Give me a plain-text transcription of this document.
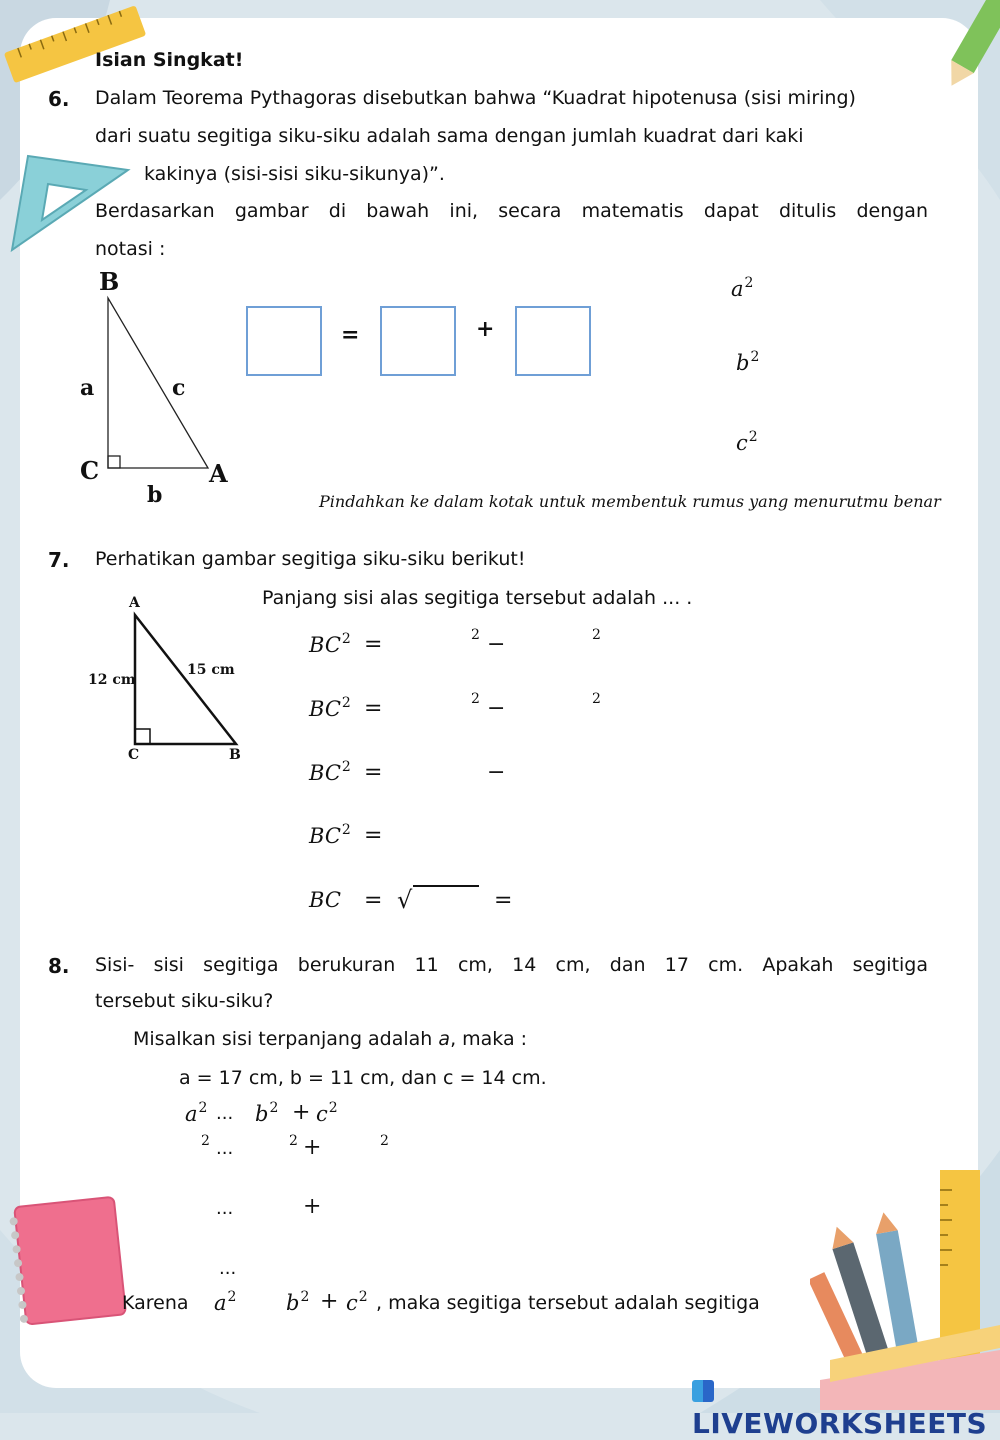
Isian Singkat!
6. Dalam Teorema Pythagoras disebutkan bahwa “Kuadrat hipotenusa (sisi miring)
dari suatu segitiga siku-siku adalah sama dengan jumlah kuadrat dari kaki
kakinya (sisi-sisi siku-sikunya)”.
Berdasarkan gambar di bawah ini, secara matematis dapat ditulis dengan
notasi :
B
a	c
C	A
b
=	+
$a^2$
$b^2$
$c^2$
Pindahkan ke dalam kotak untuk membentuk rumus yang menurutmu benar
7. Perhatikan gambar segitiga siku-siku berikut!
Panjang sisi alas segitiga tersebut adalah ... .
A
12 cm
15 cm
C	B
$BC^2$ =	2 −	2
$BC^2$ =	2 −	2
$BC^2$ =	−
$BC^2$ =
BC = √	=
8. Sisi- sisi segitiga berukuran 11 cm, 14 cm, dan 17 cm. Apakah segitiga
tersebut siku-siku?
Misalkan sisi terpanjang adalah a, maka :
a = 17 cm, b = 11 cm, dan c = 14 cm.
$a^2$ ... $b^2 + c^2$
2 ...	2 +	2
...	+
...
Karena $a^2$ $b^2 + c^2$ , maka segitiga tersebut adalah segitiga
LIVEWORKSHEETS
